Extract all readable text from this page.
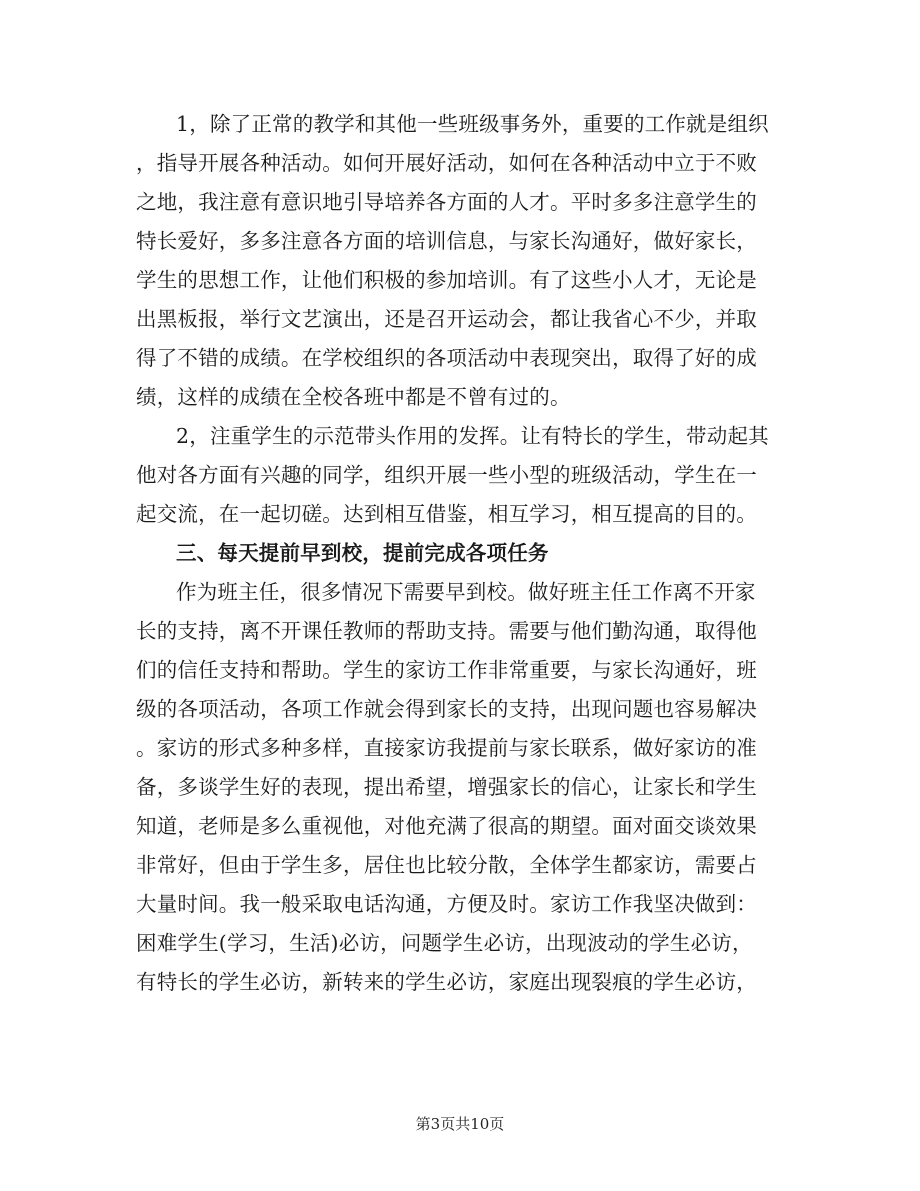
1，除了正常的教学和其他一些班级事务外，重要的工作就是组织
，指导开展各种活动。如何开展好活动，如何在各种活动中立于不败
之地，我注意有意识地引导培养各方面的人才。平时多多注意学生的
特长爱好，多多注意各方面的培训信息，与家长沟通好，做好家长，
学生的思想工作，让他们积极的参加培训。有了这些小人才，无论是
出黑板报，举行文艺演出，还是召开运动会，都让我省心不少，并取
得了不错的成绩。在学校组织的各项活动中表现突出，取得了好的成
绩，这样的成绩在全校各班中都是不曾有过的。
2，注重学生的示范带头作用的发挥。让有特长的学生，带动起其
他对各方面有兴趣的同学，组织开展一些小型的班级活动，学生在一
起交流，在一起切磋。达到相互借鉴，相互学习，相互提高的目的。
三、每天提前早到校，提前完成各项任务
作为班主任，很多情况下需要早到校。做好班主任工作离不开家
长的支持，离不开课任教师的帮助支持。需要与他们勤沟通，取得他
们的信任支持和帮助。学生的家访工作非常重要，与家长沟通好，班
级的各项活动，各项工作就会得到家长的支持，出现问题也容易解决
。家访的形式多种多样，直接家访我提前与家长联系，做好家访的准
备，多谈学生好的表现，提出希望，增强家长的信心，让家长和学生
知道，老师是多么重视他，对他充满了很高的期望。面对面交谈效果
非常好，但由于学生多，居住也比较分散，全体学生都家访，需要占
大量时间。我一般采取电话沟通，方便及时。家访工作我坚决做到：
困难学生(学习，生活)必访，问题学生必访，出现波动的学生必访，
有特长的学生必访，新转来的学生必访，家庭出现裂痕的学生必访，
第3页共10页
